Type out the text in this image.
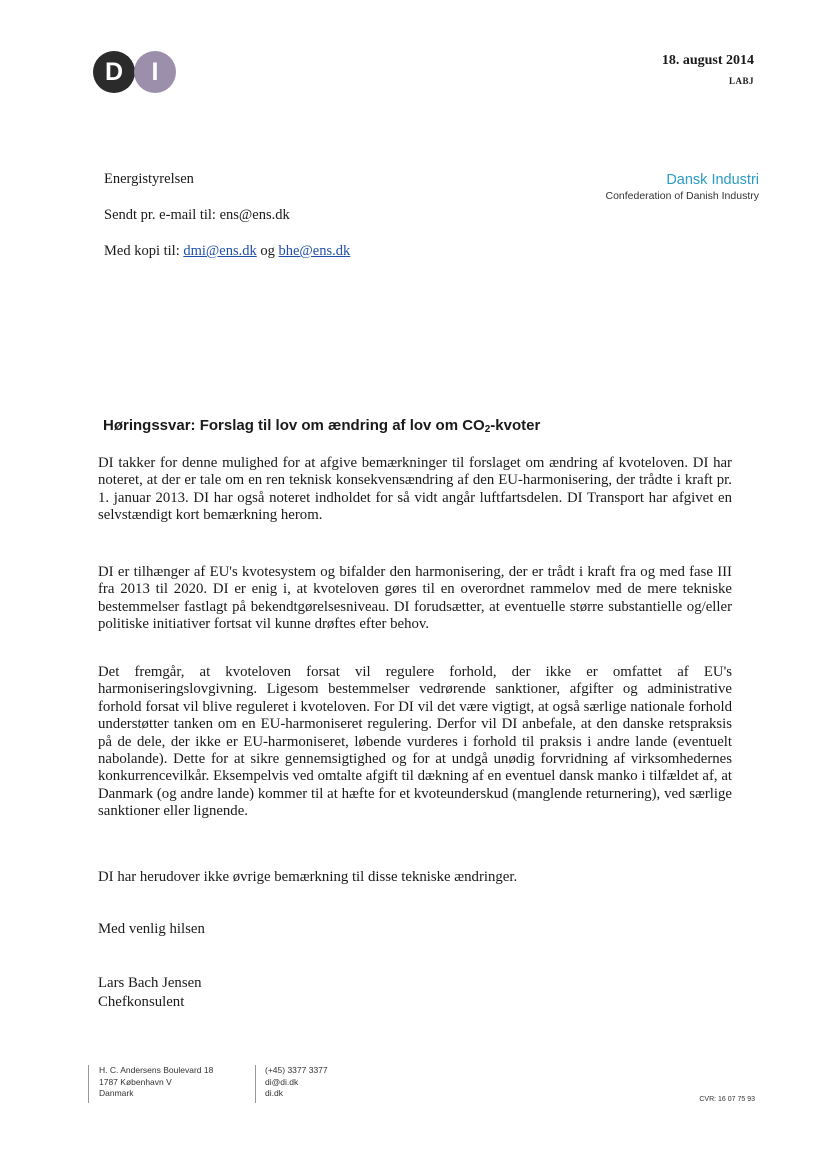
D	I	18. august 2014
LABJ
Dansk Industri
Confederation of Danish Industry
Energistyrelsen
Sendt pr. e-mail til: ens@ens.dk
Med kopi til: dmi@ens.dk og bhe@ens.dk
Høringssvar: Forslag til lov om ændring af lov om $CO_2$-kvoter

DI takker for denne mulighed for at afgive bemærkninger til forslaget om ændring af kvoteloven. DI har noteret, at der er tale om en ren teknisk konsekvensændring af den EU-harmonisering, der trådte i kraft pr. 1. januar 2013. DI har også noteret indholdet for så vidt angår luftfartsdelen. DI Transport har afgivet en selvstændigt kort bemærkning herom.

DI er tilhænger af EU's kvotesystem og bifalder den harmonisering, der er trådt i kraft fra og med fase III fra 2013 til 2020. DI er enig i, at kvoteloven gøres til en overordnet rammelov med de mere tekniske bestemmelser fastlagt på bekendtgørelsesniveau. DI forudsætter, at eventuelle større substantielle og/eller politiske initiativer fortsat vil kunne drøftes efter behov.

Det fremgår, at kvoteloven forsat vil regulere forhold, der ikke er omfattet af EU's harmoniseringslovgivning. Ligesom bestemmelser vedrørende sanktioner, afgifter og administrative forhold forsat vil blive reguleret i kvoteloven. For DI vil det være vigtigt, at også særlige nationale forhold understøtter tanken om en EU-harmoniseret regulering. Derfor vil DI anbefale, at den danske retspraksis på de dele, der ikke er EU-harmoniseret, løbende vurderes i forhold til praksis i andre lande (eventuelt nabolande). Dette for at sikre gennemsigtighed og for at undgå unødig forvridning af virksomhedernes konkurrencevilkår. Eksempelvis ved omtalte afgift til dækning af en eventuel dansk manko i tilfældet af, at Danmark (og andre lande) kommer til at hæfte for et kvoteunderskud (manglende returnering), ved særlige sanktioner eller lignende.

DI har herudover ikke øvrige bemærkning til disse tekniske ændringer.

Med venlig hilsen
Lars Bach Jensen
Chefkonsulent
H. C. Andersens Boulevard 18
1787 København V
Danmark
(+45) 3377 3377
di@di.dk
di.dk
CVR: 16 07 75 93
